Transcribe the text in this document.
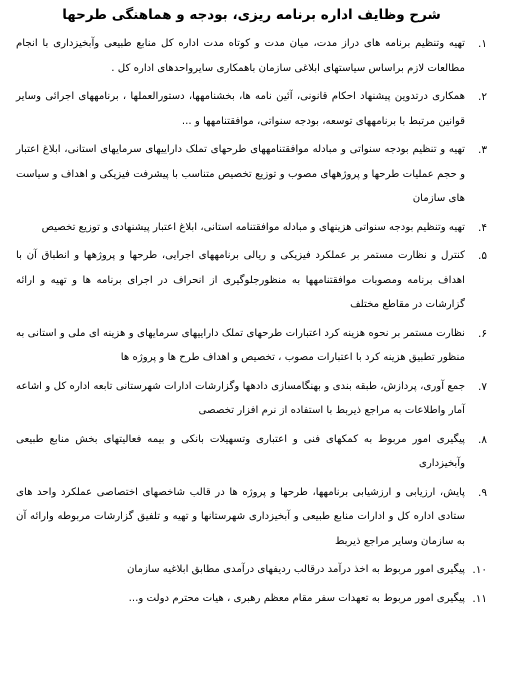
شرح وظایف اداره برنامه ریزی، بودجه و هماهنگی طرحها
۱.
تهیه وتنظیم برنامه های دراز مدت، میان مدت و کوتاه مدت اداره کل منابع طبیعی وآبخیزداری با انجام مطالعات لازم براساس سیاستهای ابلاغی سازمان باهمکاری سایرواحدهای اداره کل .
۲.
همکاری درتدوین پیشنهاد احکام قانونی، آئین نامه ها، بخشنامهها، دستورالعملها ، برنامههای اجرائی وسایر قوانین مرتبط با برنامههای توسعه، بودجه سنواتی، موافقتنامهها و ...
۳.
تهیه و تنظیم بودجه سنواتی و مبادله موافقتنامههای طرحهای تملک داراییهای سرمایهای استانی، ابلاغ اعتبار و حجم عملیات طرحها و پروژههای مصوب و توزیع تخصیص متناسب با پیشرفت فیزیکی و اهداف و سیاست های سازمان
۴.
تهیه وتنظیم بودجه سنواتی هزینهای و مبادله موافقتنامه استانی، ابلاغ اعتبار پیشنهادی و توزیع تخصیص
۵.
کنترل و نظارت مستمر بر عملکرد فیزیکی و ریالی برنامههای اجرایی، طرحها و پروژهها و انطباق آن با اهداف برنامه ومصوبات موافقتنامهها به منظورجلوگیری از انحراف در اجرای برنامه ها و تهیه و ارائه گزارشات در مقاطع مختلف
۶.
نظارت مستمر بر نحوه هزینه کرد اعتبارات طرحهای تملک داراییهای سرمایهای و هزینه ای ملی و استانی به منظور تطبیق هزینه کرد با اعتبارات مصوب ، تخصیص و اهداف طرح ها و پروژه ها
۷.
جمع آوری، پردازش، طبقه بندی و بهنگامسازی دادهها وگزارشات ادارات شهرستانی تابعه اداره کل و اشاعه آمار واطلاعات به مراجع ذیربط با استفاده از نرم افزار تخصصی
۸.
پیگیری امور مربوط به کمکهای فنی و اعتباری وتسهیلات بانکی و بیمه فعالیتهای بخش منابع طبیعی وآبخیزداری
۹.
پایش، ارزیابی و ارزشیابی برنامهها، طرحها و پروژه ها در قالب شاخصهای اختصاصی عملکرد واحد های ستادی اداره کل و ادارات منابع طبیعی و آبخیزداری شهرستانها و تهیه و تلفیق گزارشات مربوطه وارائه آن به سازمان وسایر مراجع ذیربط
۱۰.
پیگیری امور مربوط به اخذ درآمد درقالب ردیفهای درآمدی مطابق ابلاغیه سازمان
۱۱.
پیگیری امور مربوط به تعهدات سفر مقام معظم رهبری ، هیات محترم دولت و...
